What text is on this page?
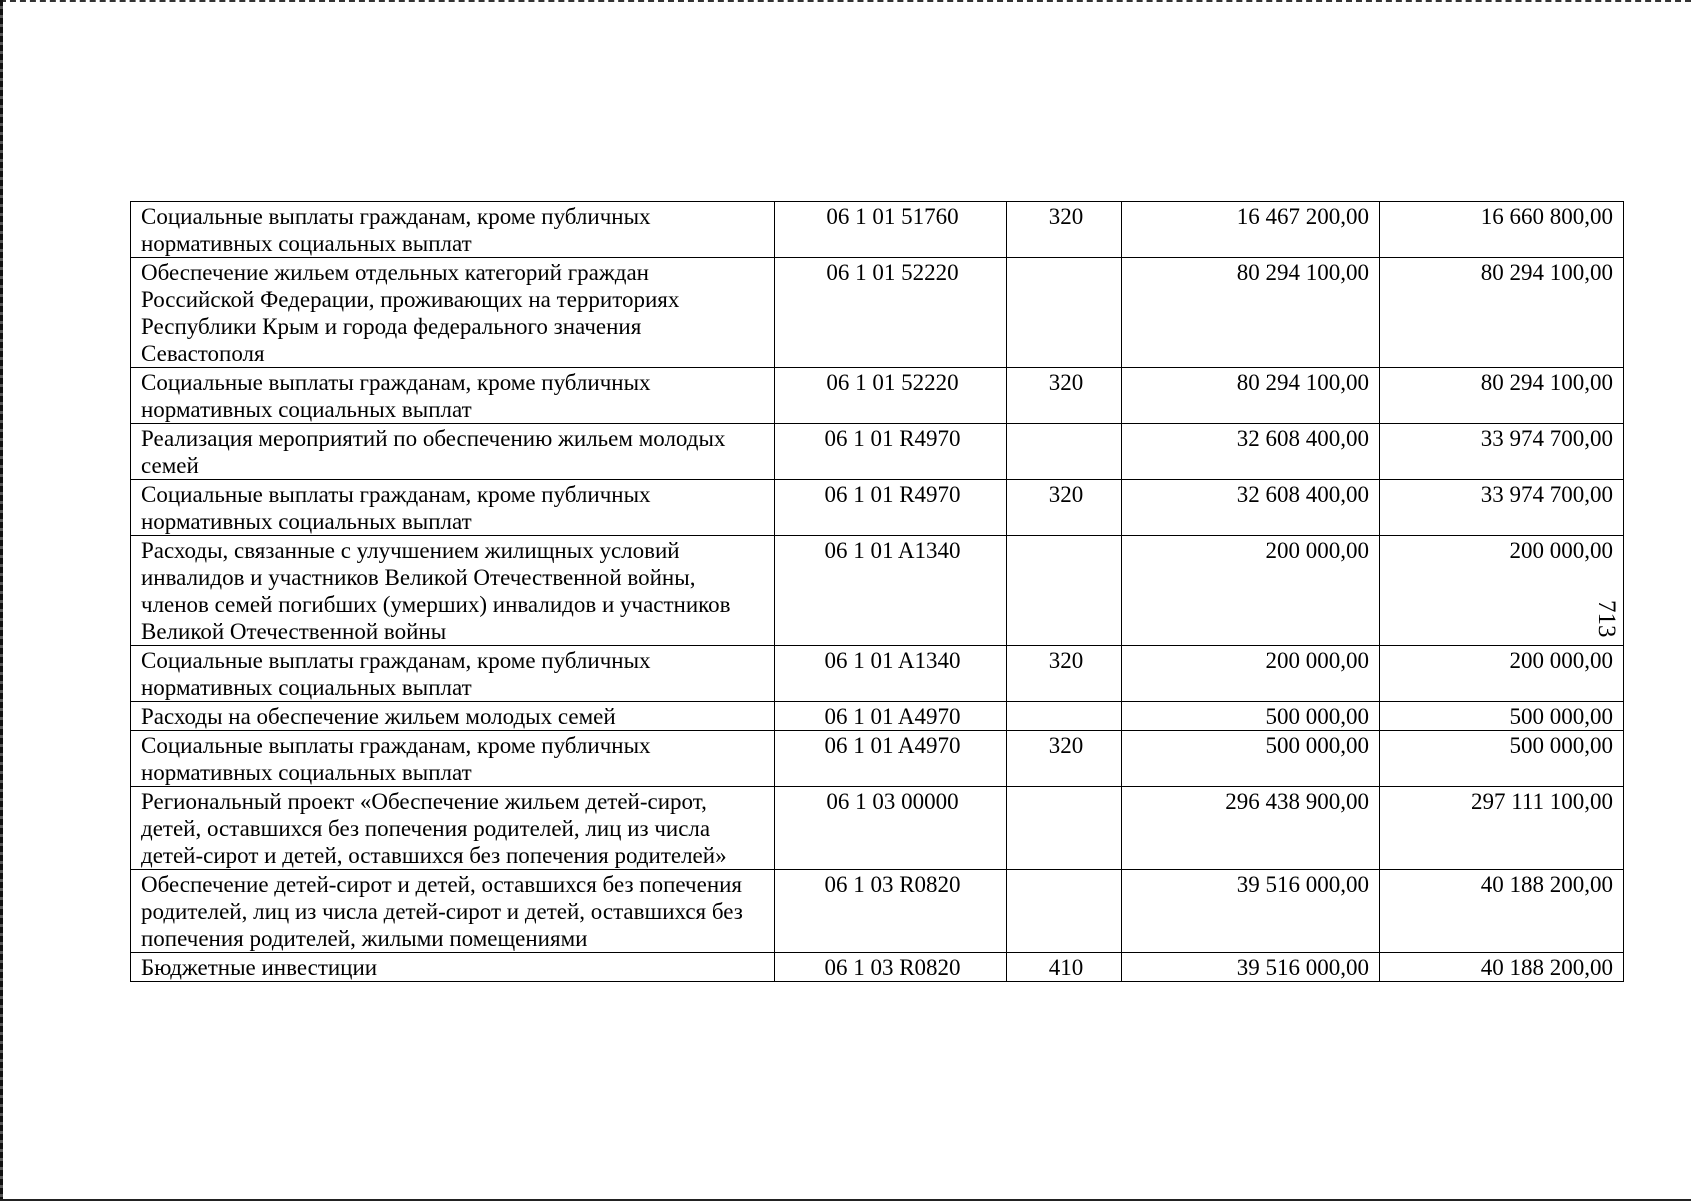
Социальные выплаты гражданам, кроме публичных нормативных социальных выплат	06 1 01 51760	320	16 467 200,00	16 660 800,00
Обеспечение жильем отдельных категорий граждан Российской Федерации, проживающих на территориях Республики Крым и города федерального значения Севастополя	06 1 01 52220		80 294 100,00	80 294 100,00
Социальные выплаты гражданам, кроме публичных нормативных социальных выплат	06 1 01 52220	320	80 294 100,00	80 294 100,00
Реализация мероприятий по обеспечению жильем молодых семей	06 1 01 R4970		32 608 400,00	33 974 700,00
Социальные выплаты гражданам, кроме публичных нормативных социальных выплат	06 1 01 R4970	320	32 608 400,00	33 974 700,00
Расходы, связанные с улучшением жилищных условий инвалидов и участников Великой Отечественной войны, членов семей погибших (умерших) инвалидов и участников Великой Отечественной войны	06 1 01 A1340		200 000,00	200 000,00
Социальные выплаты гражданам, кроме публичных нормативных социальных выплат	06 1 01 A1340	320	200 000,00	200 000,00
Расходы на обеспечение жильем молодых семей	06 1 01 A4970		500 000,00	500 000,00
Социальные выплаты гражданам, кроме публичных нормативных социальных выплат	06 1 01 A4970	320	500 000,00	500 000,00
Региональный проект «Обеспечение жильем детей-сирот, детей, оставшихся без попечения родителей, лиц из числа детей-сирот и детей, оставшихся без попечения родителей»	06 1 03 00000		296 438 900,00	297 111 100,00
Обеспечение детей-сирот и детей, оставшихся без попечения родителей, лиц из числа детей-сирот и детей, оставшихся без попечения родителей, жилыми помещениями	06 1 03 R0820		39 516 000,00	40 188 200,00
Бюджетные инвестиции	06 1 03 R0820	410	39 516 000,00	40 188 200,00
713
